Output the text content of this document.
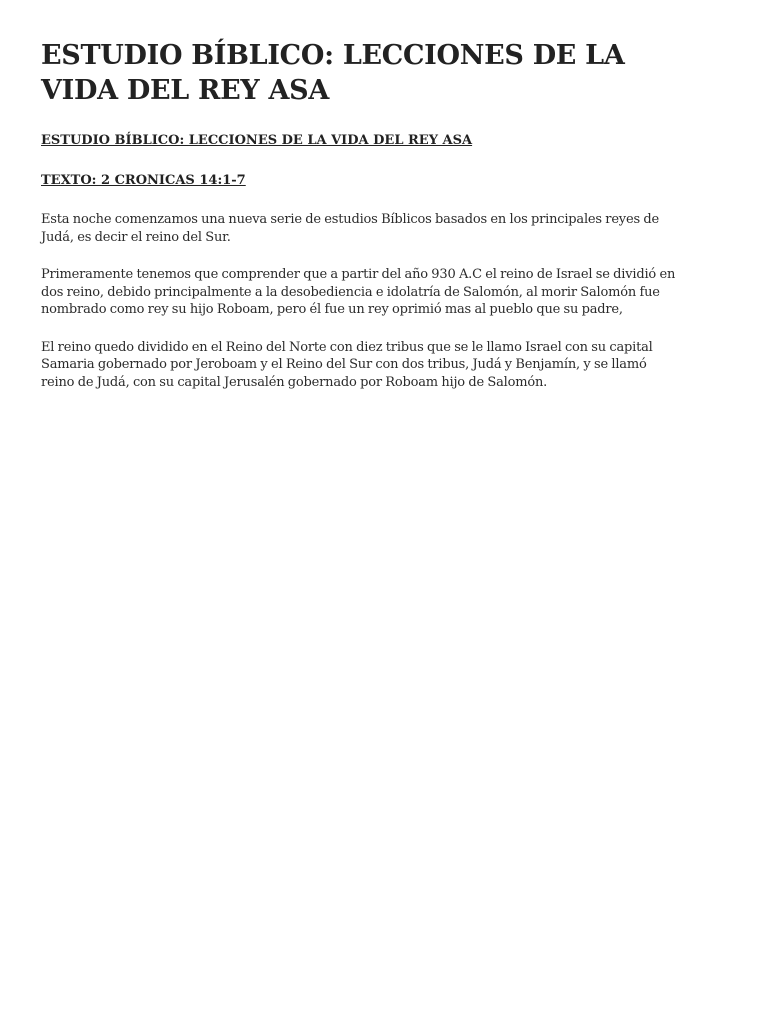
ESTUDIO BÍBLICO: LECCIONES DE LA VIDA DEL REY ASA

ESTUDIO BÍBLICO: LECCIONES DE LA VIDA DEL REY ASA

TEXTO: 2 CRONICAS 14:1-7

Esta noche comenzamos una nueva serie de estudios Bíblicos basados en los principales reyes de Judá, es decir el reino del Sur.

Primeramente tenemos que comprender que a partir del año 930 A.C el reino de Israel se dividió en dos reino, debido principalmente a la desobediencia e idolatría de Salomón, al morir Salomón fue nombrado como rey su hijo Roboam, pero él fue un rey oprimió mas al pueblo que su padre,

El reino quedo dividido en el Reino del Norte con diez tribus que se le llamo Israel con su capital Samaria gobernado por Jeroboam y el Reino del Sur con dos tribus, Judá y Benjamín, y se llamó reino de Judá, con su capital Jerusalén gobernado por Roboam hijo de Salomón.
